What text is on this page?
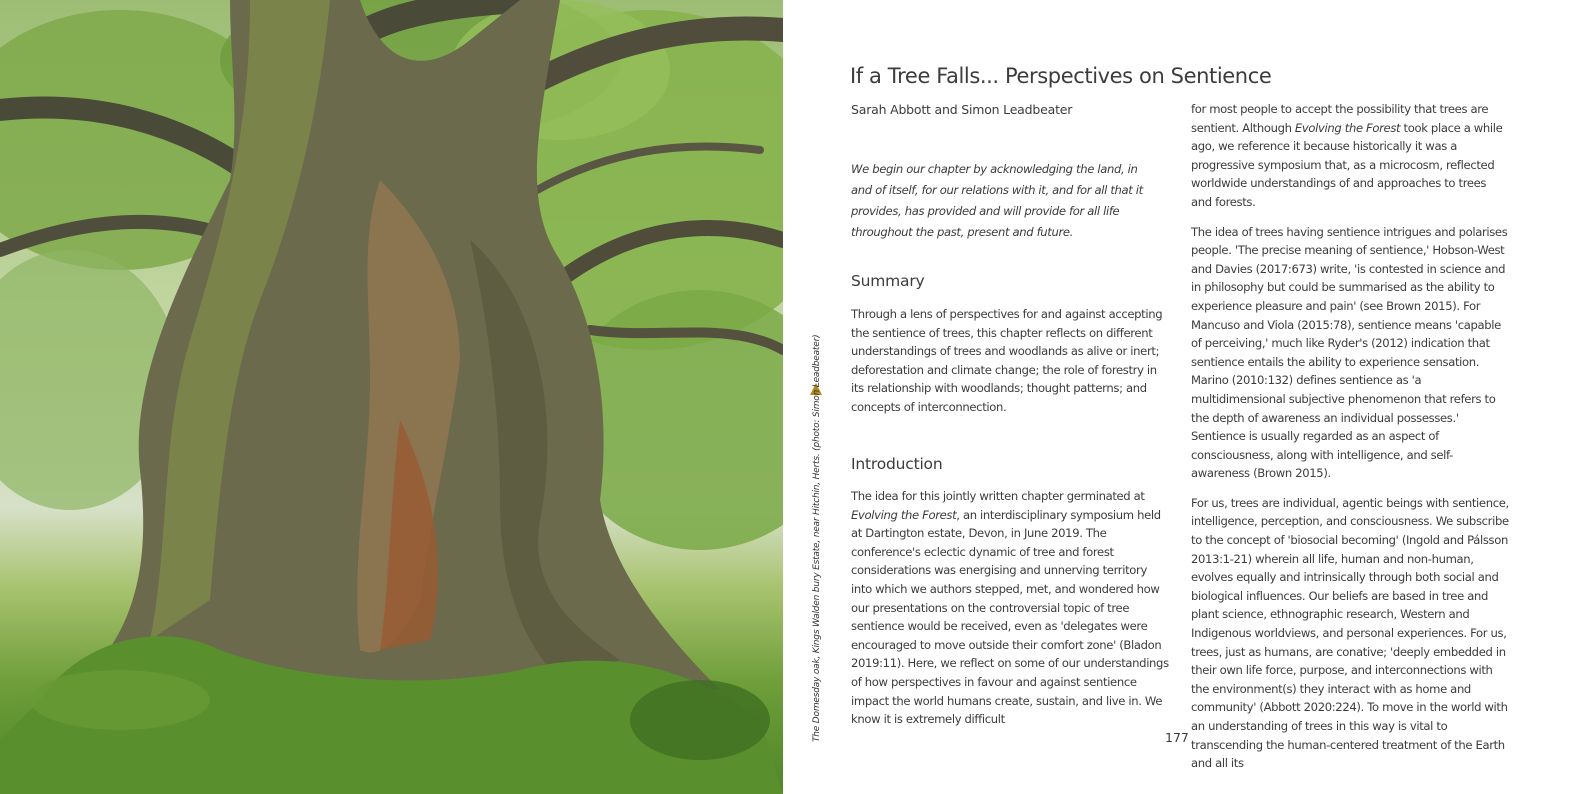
The Domesday oak, Kings Walden bury Estate, near Hitchin, Herts. (photo: Simon Leadbeater)
If a Tree Falls... Perspectives on Sentience
Sarah Abbott and Simon Leadbeater
We begin our chapter by acknowledging the land, in and of itself, for our relations with it, and for all that it provides, has provided and will provide for all life throughout the past, present and future.
Summary
Through a lens of perspectives for and against accepting the sentience of trees, this chapter reflects on different understandings of trees and woodlands as alive or inert; deforestation and climate change; the role of forestry in its relationship with woodlands; thought patterns; and concepts of interconnection.
Introduction
The idea for this jointly written chapter germinated at Evolving the Forest, an interdisciplinary symposium held at Dartington estate, Devon, in June 2019. The conference's eclectic dynamic of tree and forest considerations was energising and unnerving territory into which we authors stepped, met, and wondered how our presentations on the controversial topic of tree sentience would be received, even as 'delegates were encouraged to move outside their comfort zone' (Bladon 2019:11). Here, we reflect on some of our understandings of how perspectives in favour and against sentience impact the world humans create, sustain, and live in. We know it is extremely difficult

for most people to accept the possibility that trees are sentient. Although Evolving the Forest took place a while ago, we reference it because historically it was a progressive symposium that, as a microcosm, reflected worldwide understandings of and approaches to trees and forests.

The idea of trees having sentience intrigues and polarises people. 'The precise meaning of sentience,' Hobson-West and Davies (2017:673) write, 'is contested in science and in philosophy but could be summarised as the ability to experience pleasure and pain' (see Brown 2015). For Mancuso and Viola (2015:78), sentience means 'capable of perceiving,' much like Ryder's (2012) indication that sentience entails the ability to experience sensation. Marino (2010:132) defines sentience as 'a multidimensional subjective phenomenon that refers to the depth of awareness an individual possesses.' Sentience is usually regarded as an aspect of consciousness, along with intelligence, and self-awareness (Brown 2015).

For us, trees are individual, agentic beings with sentience, intelligence, perception, and consciousness. We subscribe to the concept of 'biosocial becoming' (Ingold and Pálsson 2013:1-21) wherein all life, human and non-human, evolves equally and intrinsically through both social and biological influences. Our beliefs are based in tree and plant science, ethnographic research, Western and Indigenous worldviews, and personal experiences. For us, trees, just as humans, are conative; 'deeply embedded in their own life force, purpose, and interconnections with the environment(s) they interact with as home and community' (Abbott 2020:224). To move in the world with an understanding of trees in this way is vital to transcending the human-centered treatment of the Earth and all its

177
